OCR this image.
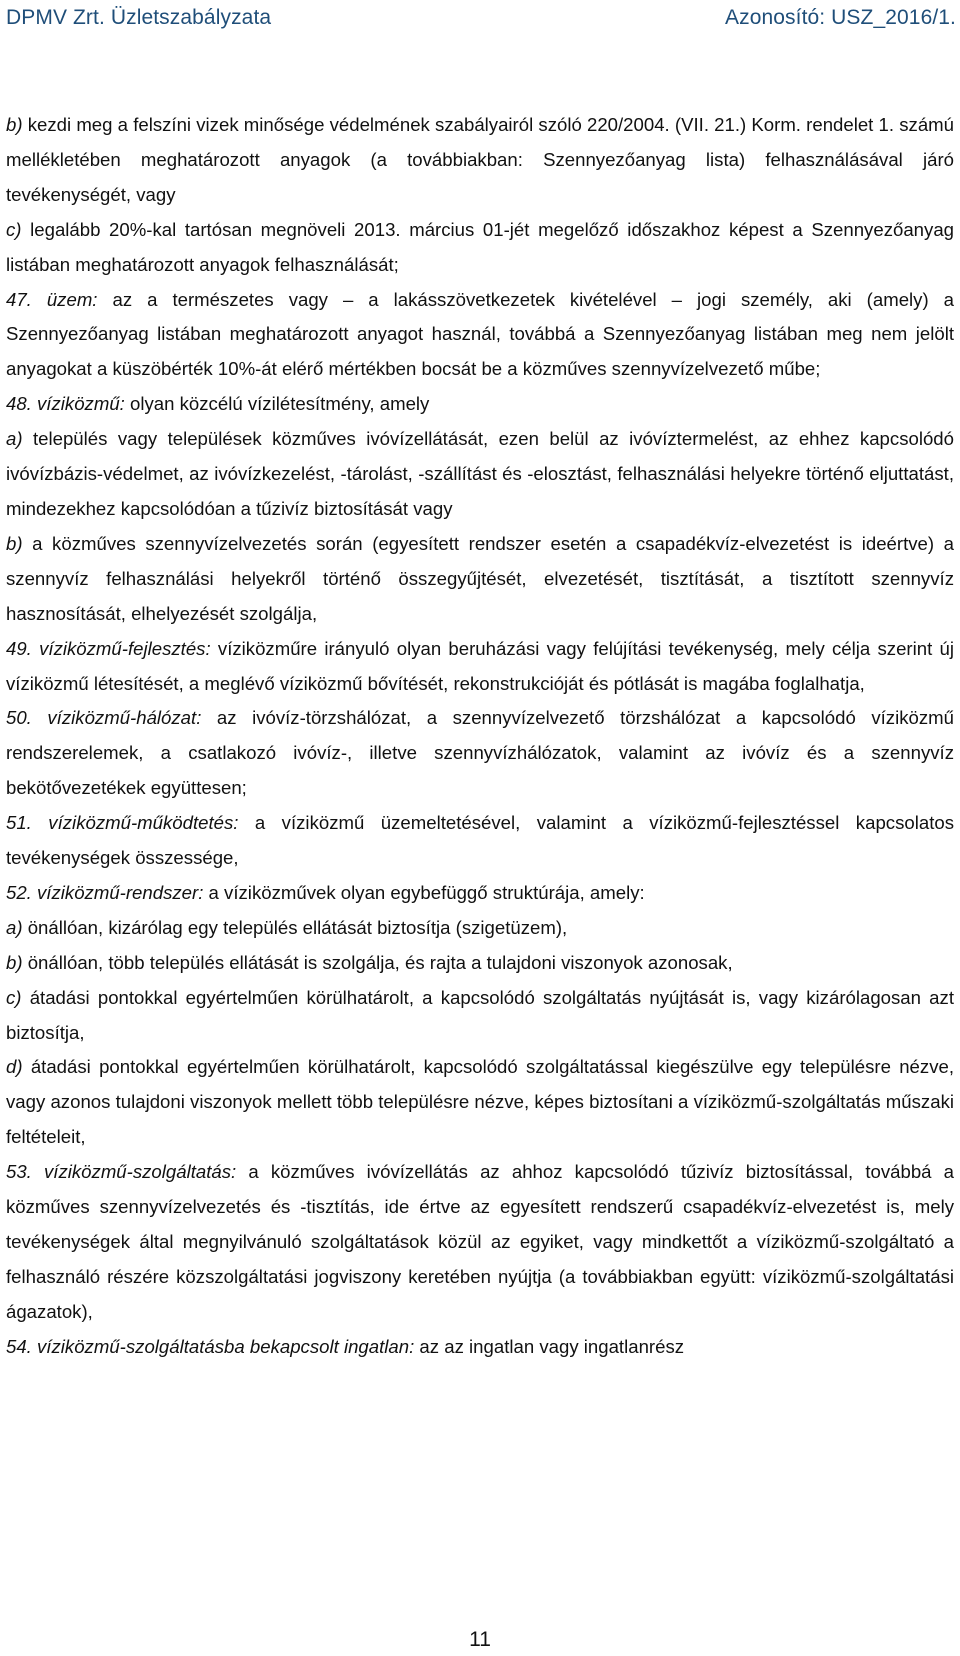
DPMV Zrt. Üzletszabályzata	Azonosító: USZ_2016/1.

b) kezdi meg a felszíni vizek minősége védelmének szabályairól szóló 220/2004. (VII. 21.) Korm. rendelet 1. számú mellékletében meghatározott anyagok (a továbbiakban: Szennyezőanyag lista) felhasználásával járó tevékenységét, vagy

c) legalább 20%-kal tartósan megnöveli 2013. március 01-jét megelőző időszakhoz képest a Szennyezőanyag listában meghatározott anyagok felhasználását;

47. üzem: az a természetes vagy – a lakásszövetkezetek kivételével – jogi személy, aki (amely) a Szennyezőanyag listában meghatározott anyagot használ, továbbá a Szennyezőanyag listában meg nem jelölt anyagokat a küszöbérték 10%-át elérő mértékben bocsát be a közműves szennyvízelvezető műbe;

48. víziközmű: olyan közcélú vízilétesítmény, amely

a) település vagy települések közműves ivóvízellátását, ezen belül az ivóvíztermelést, az ehhez kapcsolódó ivóvízbázis-védelmet, az ivóvízkezelést, -tárolást, -szállítást és -elosztást, felhasználási helyekre történő eljuttatást, mindezekhez kapcsolódóan a tűzivíz biztosítását vagy

b) a közműves szennyvízelvezetés során (egyesített rendszer esetén a csapadékvíz-elvezetést is ideértve) a szennyvíz felhasználási helyekről történő összegyűjtését, elvezetését, tisztítását, a tisztított szennyvíz hasznosítását, elhelyezését szolgálja,

49. víziközmű-fejlesztés: víziközműre irányuló olyan beruházási vagy felújítási tevékenység, mely célja szerint új víziközmű létesítését, a meglévő víziközmű bővítését, rekonstrukcióját és pótlását is magába foglalhatja,

50. víziközmű-hálózat: az ivóvíz-törzshálózat, a szennyvízelvezető törzshálózat a kapcsolódó víziközmű rendszerelemek, a csatlakozó ivóvíz-, illetve szennyvízhálózatok, valamint az ivóvíz és a szennyvíz bekötővezetékek együttesen;

51. víziközmű-működtetés: a víziközmű üzemeltetésével, valamint a víziközmű-fejlesztéssel kapcsolatos tevékenységek összessége,

52. víziközmű-rendszer: a víziközművek olyan egybefüggő struktúrája, amely:

a) önállóan, kizárólag egy település ellátását biztosítja (szigetüzem),

b) önállóan, több település ellátását is szolgálja, és rajta a tulajdoni viszonyok azonosak,

c) átadási pontokkal egyértelműen körülhatárolt, a kapcsolódó szolgáltatás nyújtását is, vagy kizárólagosan azt biztosítja,

d) átadási pontokkal egyértelműen körülhatárolt, kapcsolódó szolgáltatással kiegészülve egy településre nézve, vagy azonos tulajdoni viszonyok mellett több településre nézve, képes biztosítani a víziközmű-szolgáltatás műszaki feltételeit,

53. víziközmű-szolgáltatás: a közműves ivóvízellátás az ahhoz kapcsolódó tűzivíz biztosítással, továbbá a közműves szennyvízelvezetés és -tisztítás, ide értve az egyesített rendszerű csapadékvíz-elvezetést is, mely tevékenységek által megnyilvánuló szolgáltatások közül az egyiket, vagy mindkettőt a víziközmű-szolgáltató a felhasználó részére közszolgáltatási jogviszony keretében nyújtja (a továbbiakban együtt: víziközmű-szolgáltatási ágazatok),

54. víziközmű-szolgáltatásba bekapcsolt ingatlan: az az ingatlan vagy ingatlanrész

11
